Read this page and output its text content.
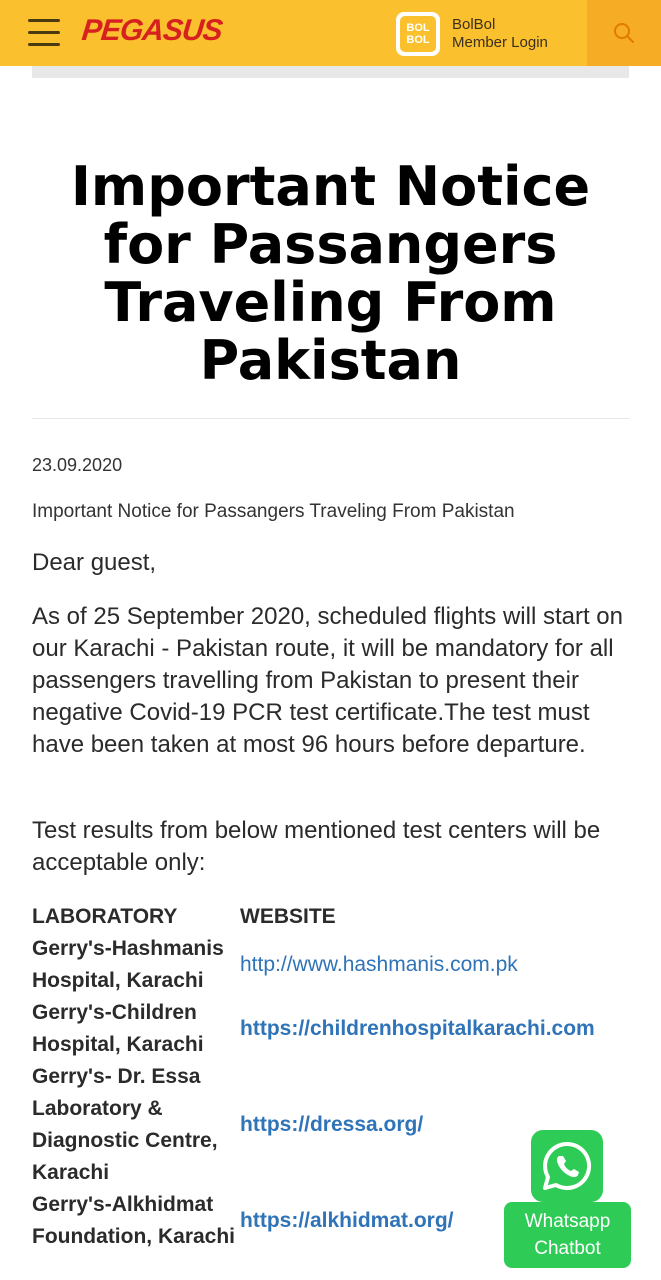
PEGASUS	BOL
BOL
BolBol
Member Login
Important Notice for Passangers Traveling From Pakistan
23.09.2020
Important Notice for Passangers Traveling From Pakistan

Dear guest,

As of 25 September 2020, scheduled flights will start on our Karachi - Pakistan route, it will be mandatory for all passengers travelling from Pakistan to present their negative Covid-19 PCR test certificate.The test must have been taken at most 96 hours before departure.

Test results from below mentioned test centers will be acceptable only:

LABORATORY	WEBSITE
Gerry's-Hashmanis Hospital, Karachi	http://www.hashmanis.com.pk
Gerry's-Children Hospital, Karachi	https://childrenhospitalkarachi.com
Gerry's- Dr. Essa Laboratory & Diagnostic Centre, Karachi	https://dressa.org/
Gerry's-Alkhidmat Foundation, Karachi	https://alkhidmat.org/	Whatsapp
Chatbot
